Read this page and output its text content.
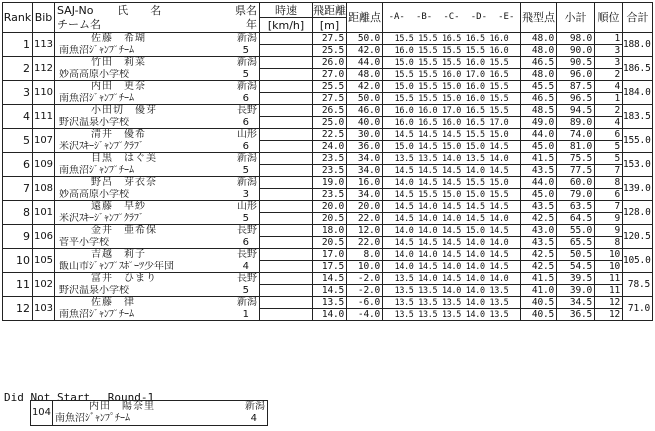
Rank	Bib	SAJ-No 氏　　名 県名	時速	飛距離	距離点	-A- -B- -C- -D- -E-	飛型点	小計	順位	合計

		チーム名 年	[km/h]	[m]						
1	113	佐藤　希瑚 新潟		27.5	50.0	15.5 15.5 16.5 16.5 16.0	48.0	98.0	1	188.0

		南魚沼ｼﾞｬﾝﾌﾟﾁｰﾑ 5		25.5	42.0	16.0 15.5 15.5 15.5 16.0	48.0	90.0	3	
2	112	竹田　莉菜 新潟		26.0	44.0	15.0 15.5 15.5 16.0 15.5	46.5	90.5	3	186.5

		妙高高原小学校 5		27.0	48.0	15.5 15.5 16.0 17.0 16.5	48.0	96.0	2	
3	110	内田　更奈 新潟		25.5	42.0	15.0 15.5 15.0 16.0 15.5	45.5	87.5	4	184.0

		南魚沼ｼﾞｬﾝﾌﾟﾁｰﾑ 6		27.5	50.0	15.5 15.5 15.0 16.0 15.5	46.5	96.5	1	
4	111	小田切　優芽 長野		26.5	46.0	16.0 16.0 17.0 16.5 15.5	48.5	94.5	2	183.5

		野沢温泉小学校 6		25.0	40.0	16.0 16.5 16.0 16.5 17.0	49.0	89.0	4	
5	107	清井　優希 山形		22.5	30.0	14.5 14.5 14.5 15.5 15.0	44.0	74.0	6	155.0

		米沢ｽｷｰｼﾞｬﾝﾌﾟｸﾗﾌﾞ 6		24.0	36.0	15.0 14.5 15.0 15.0 14.5	45.0	81.0	5	
6	109	目黒　はぐ美 新潟		23.5	34.0	13.5 13.5 14.0 13.5 14.0	41.5	75.5	5	153.0

		南魚沼ｼﾞｬﾝﾌﾟﾁｰﾑ 5		23.5	34.0	14.5 14.5 14.5 14.0 14.5	43.5	77.5	7	
7	108	野呂　芽衣奈 新潟		19.0	16.0	14.0 14.5 14.5 15.5 15.0	44.0	60.0	8	139.0

		妙高高原小学校 3		23.5	34.0	14.5 15.5 15.0 15.0 15.5	45.0	79.0	6	
8	101	遠藤　早紗 山形		20.0	20.0	14.5 14.0 14.5 14.5 14.5	43.5	63.5	7	128.0

		米沢ｽｷｰｼﾞｬﾝﾌﾟｸﾗﾌﾞ 5		20.5	22.0	14.5 14.0 14.0 14.5 14.0	42.5	64.5	9	
9	106	金井　亜希保 長野		18.0	12.0	14.0 14.0 14.5 15.0 14.5	43.0	55.0	9	120.5

		菅平小学校 6		20.5	22.0	14.5 14.5 14.5 14.0 14.0	43.5	65.5	8	
10	105	吉越　莉子 長野		17.0	8.0	14.0 14.0 14.5 14.0 14.5	42.5	50.5	10	105.0

		飯山市ｼﾞｬﾝﾌﾟｽﾎﾟｰﾂ少年団 4		17.5	10.0	14.0 14.5 14.0 14.0 14.5	42.5	54.5	10	
11	102	富井　ひまり 長野		14.5	-2.0	13.5 14.0 14.5 14.0 14.0	41.5	39.5	11	78.5

		野沢温泉小学校 5		14.5	-2.0	13.5 13.5 14.0 14.0 13.5	41.0	39.0	11	
12	103	佐藤　律 新潟		13.5	-6.0	13.5 13.5 13.5 14.0 13.5	40.5	34.5	12	71.0

		南魚沼ｼﾞｬﾝﾌﾟﾁｰﾑ 1		14.0	-4.0	13.5 13.5 13.5 14.0 13.5	40.5	36.5	12	
Did Not Start　 Round-1
104	
内田　陽奈里	新潟

南魚沼ｼﾞｬﾝﾌﾟﾁｰﾑ	4
